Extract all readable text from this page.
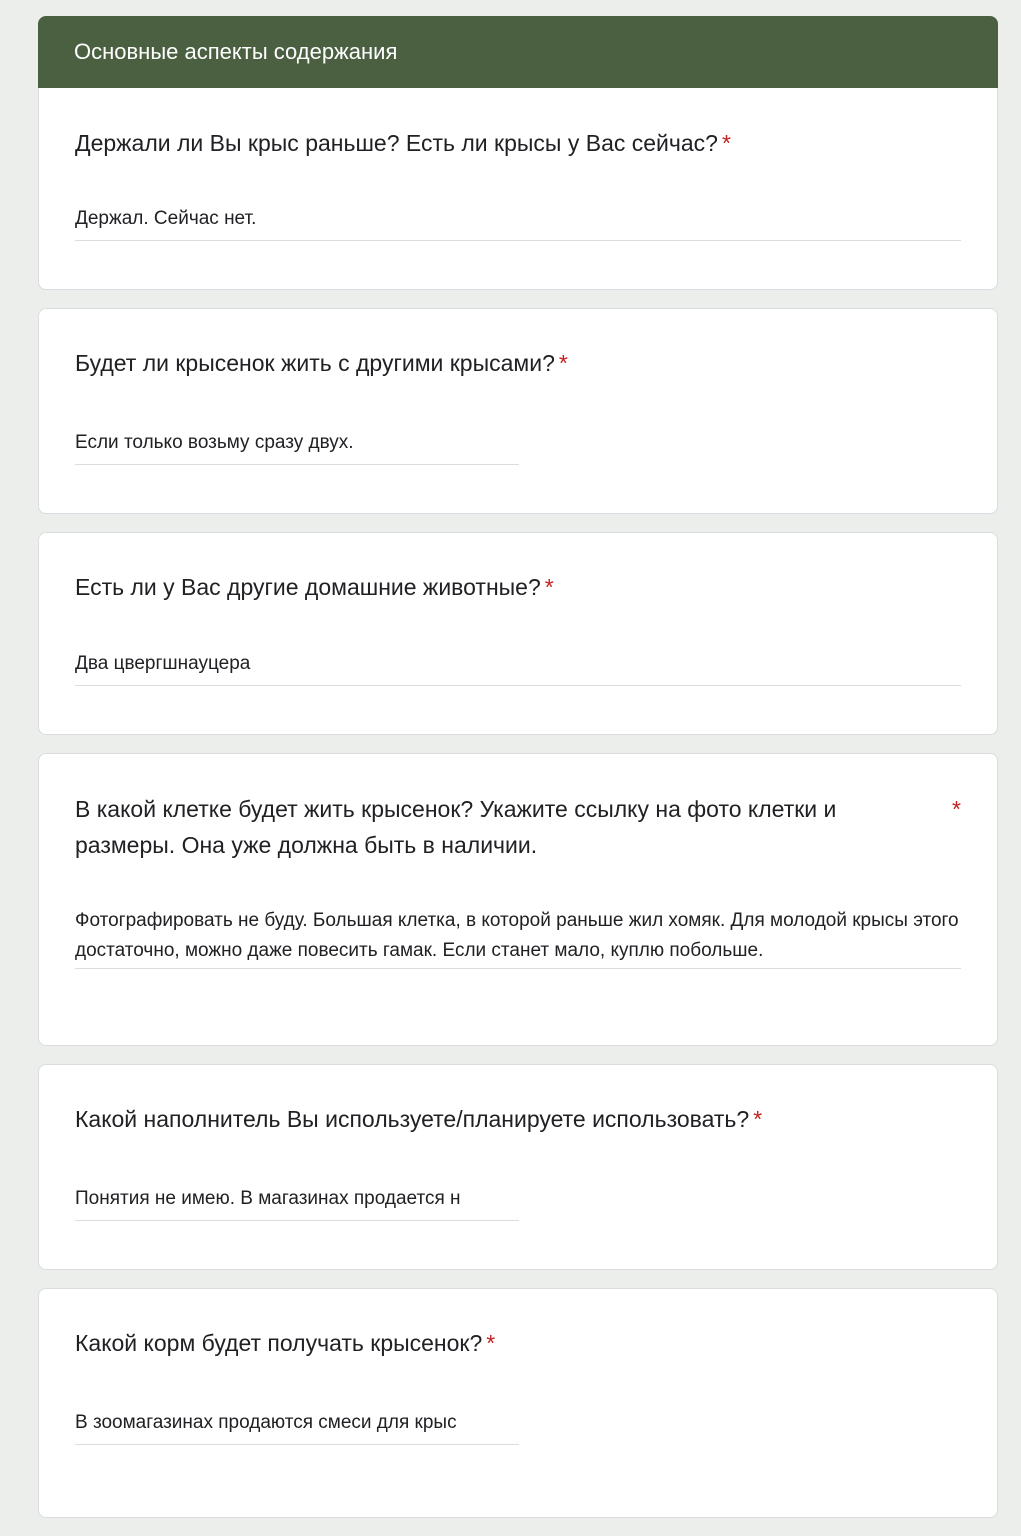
Основные аспекты содержания
Держали ли Вы крыс раньше? Есть ли крысы у Вас сейчас? *
Держал. Сейчас нет.
Будет ли крысенок жить с другими крысами? *
Если только возьму сразу двух.
Есть ли у Вас другие домашние животные? *
Два цвергшнауцера
В какой клетке будет жить крысенок? Укажите ссылку на фото клетки и размеры. Она уже должна быть в наличии.
*
Фотографировать не буду. Большая клетка, в которой раньше жил хомяк. Для молодой крысы этого достаточно, можно даже повесить гамак. Если станет мало, куплю побольше.
Какой наполнитель Вы используете/планируете использовать? *
Понятия не имею. В магазинах продается н
Какой корм будет получать крысенок? *
В зоомагазинах продаются смеси для крыс
